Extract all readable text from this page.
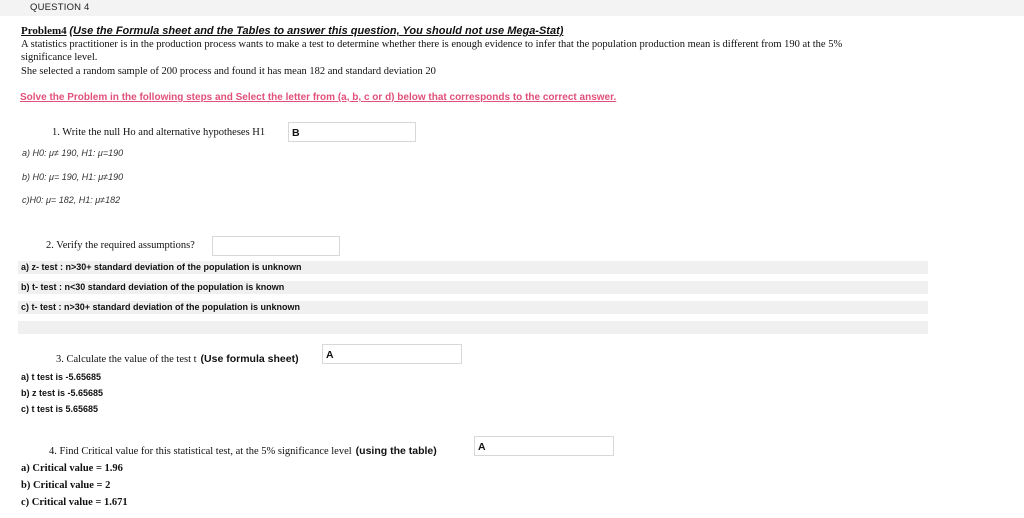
QUESTION 4
Problem4 (Use the Formula sheet and the Tables to answer this question, You should not use Mega-Stat)
A statistics practitioner is in the production process wants to make a test to determine whether there is enough evidence to infer that the population production mean is different from 190 at the 5%
significance level.
She selected a random sample of 200 process and found it has mean 182 and standard deviation 20
Solve the Problem in the following steps and Select the letter from (a, b, c or d) below that corresponds to the correct answer.
1. Write the null Ho and alternative hypotheses H1	B
a) H0: μ≠ 190, H1: μ=190
b) H0: μ= 190, H1: μ≠190
c)H0: μ= 182, H1: μ≠182
2. Verify the required assumptions?
a) z- test : n>30+ standard deviation of the population is unknown
b) t- test : n<30 standard deviation of the population is known
c) t- test : n>30+ standard deviation of the population is unknown
3. Calculate the value of the test t (Use formula sheet)	A
a) t test is -5.65685
b) z test is -5.65685
c) t test is 5.65685
4. Find Critical value for this statistical test, at the 5% significance level (using the table)	A
a) Critical value = 1.96
b) Critical value = 2
c) Critical value = 1.671
